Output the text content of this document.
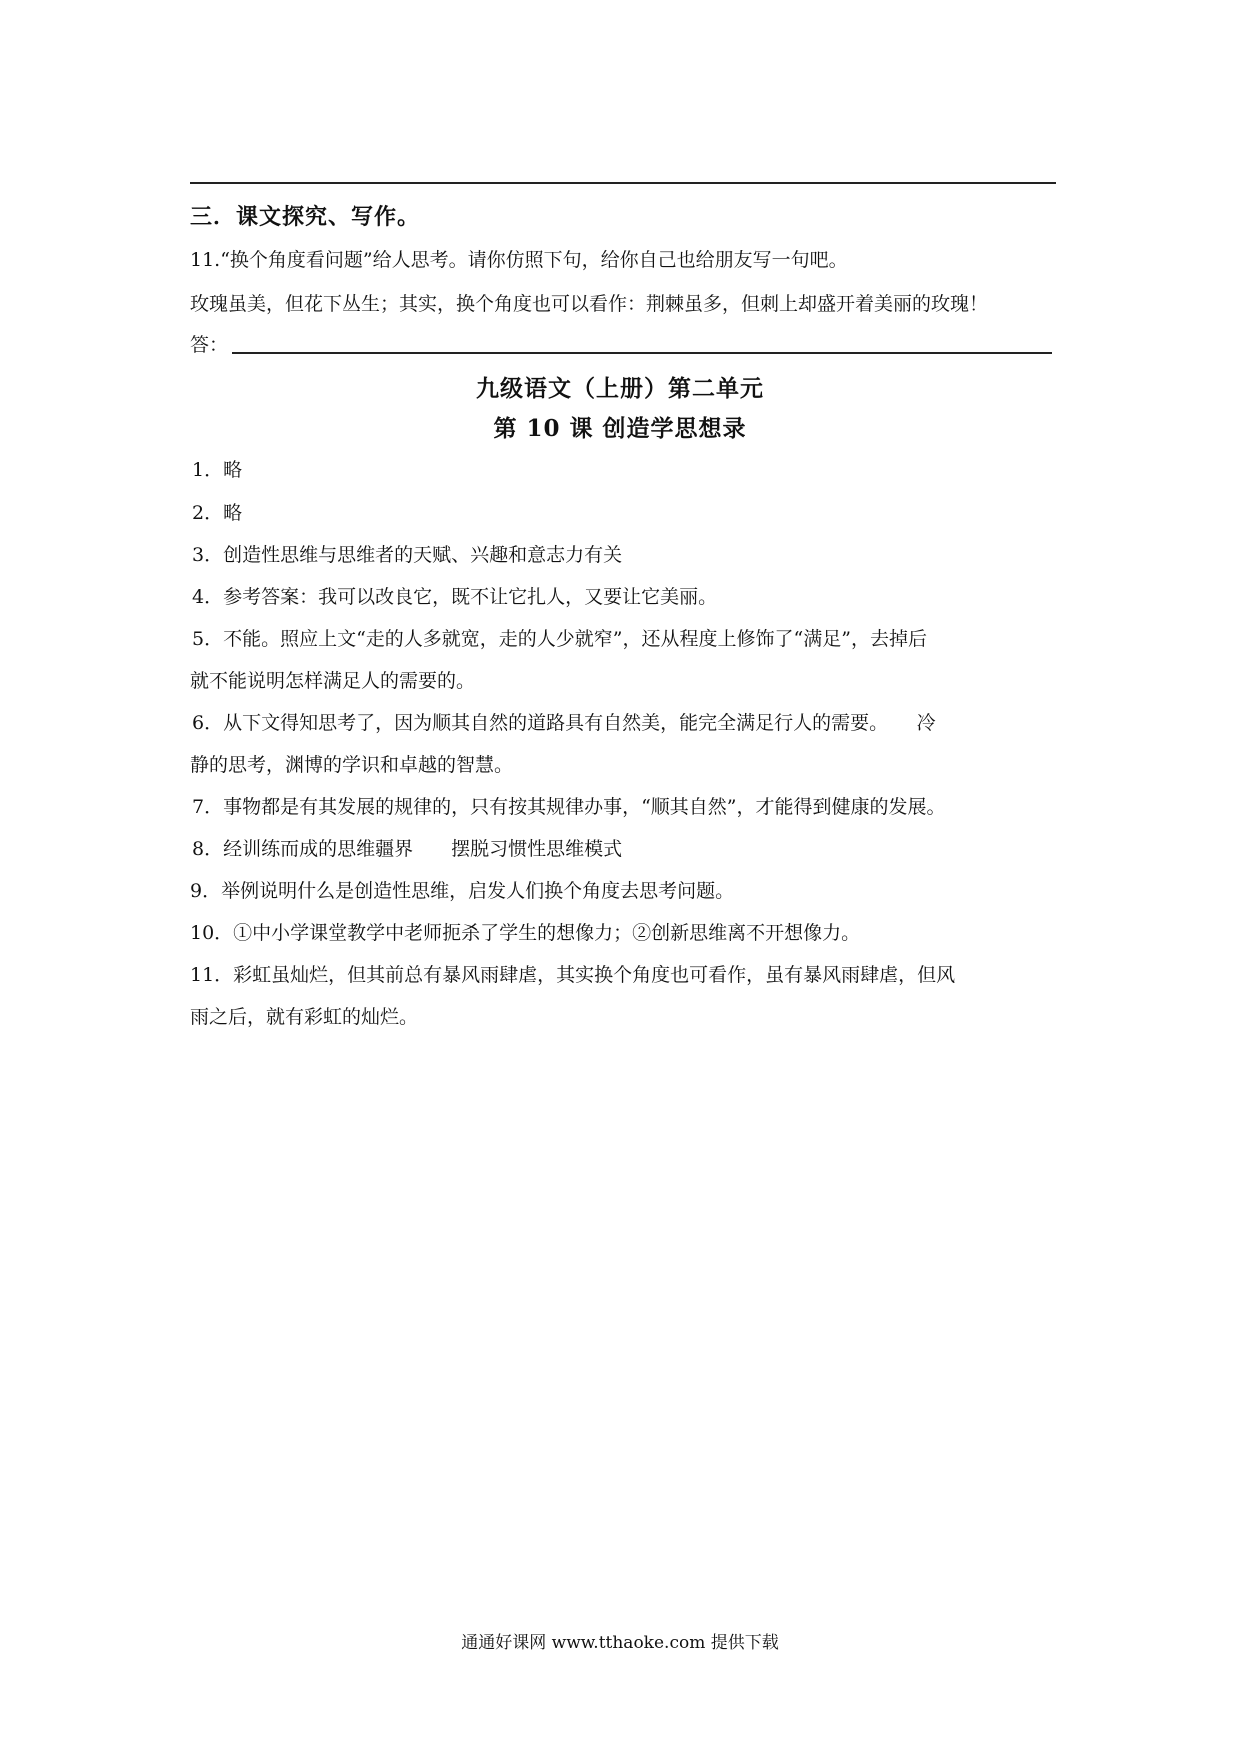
三．课文探究、写作。
11.“换个角度看问题”给人思考。请你仿照下句，给你自己也给朋友写一句吧。
玫瑰虽美，但花下丛生；其实，换个角度也可以看作：荆棘虽多，但刺上却盛开着美丽的玫瑰！
答：
九级语文（上册）第二单元
第 10 课 创造学思想录
1．略
2．略
3．创造性思维与思维者的天赋、兴趣和意志力有关
4．参考答案：我可以改良它，既不让它扎人，又要让它美丽。
5．不能。照应上文“走的人多就宽，走的人少就窄”，还从程度上修饰了“满足”，去掉后
就不能说明怎样满足人的需要的。
6．从下文得知思考了，因为顺其自然的道路具有自然美，能完全满足行人的需要。　　冷
静的思考，渊博的学识和卓越的智慧。
7．事物都是有其发展的规律的，只有按其规律办事，“顺其自然”，才能得到健康的发展。
8．经训练而成的思维疆界　　摆脱习惯性思维模式
9．举例说明什么是创造性思维，启发人们换个角度去思考问题。
10．①中小学课堂教学中老师扼杀了学生的想像力；②创新思维离不开想像力。
11．彩虹虽灿烂，但其前总有暴风雨肆虐，其实换个角度也可看作，虽有暴风雨肆虐，但风
雨之后，就有彩虹的灿烂。
通通好课网 www.tthaoke.com 提供下载
